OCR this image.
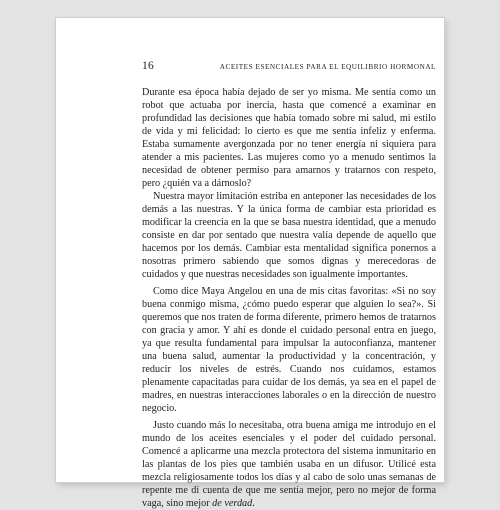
16	ACEITES ESENCIALES PARA EL EQUILIBRIO HORMONAL

Durante esa época había dejado de ser yo misma. Me sentía como un robot que actuaba por inercia, hasta que comencé a examinar en profundidad las decisiones que había tomado sobre mi salud, mi estilo de vida y mi felicidad: lo cierto es que me sentía infeliz y enferma. Estaba sumamente avergonzada por no tener energía ni siquiera para atender a mis pacientes. Las mujeres como yo a menudo sentimos la necesidad de obtener permiso para amarnos y tratarnos con respeto, pero ¿quién va a dárnoslo?

Nuestra mayor limitación estriba en anteponer las necesidades de los demás a las nuestras. Y la única forma de cambiar esta prioridad es modificar la creencia en la que se basa nuestra identidad, que a menudo consiste en dar por sentado que nuestra valía depende de aquello que hacemos por los demás. Cambiar esta mentalidad significa ponernos a nosotras primero sabiendo que somos dignas y merecedoras de cuidados y que nuestras necesidades son igualmente importantes.

Como dice Maya Angelou en una de mis citas favoritas: «Si no soy buena conmigo misma, ¿cómo puedo esperar que alguien lo sea?». Si queremos que nos traten de forma diferente, primero hemos de tratarnos con gracia y amor. Y ahí es donde el cuidado personal entra en juego, ya que resulta fundamental para impulsar la autoconfianza, mantener una buena salud, aumentar la productividad y la concentración, y reducir los niveles de estrés. Cuando nos cuidamos, estamos plenamente capacitadas para cuidar de los demás, ya sea en el papel de madres, en nuestras interacciones laborales o en la dirección de nuestro negocio.

Justo cuando más lo necesitaba, otra buena amiga me introdujo en el mundo de los aceites esenciales y el poder del cuidado personal. Comencé a aplicarme una mezcla protectora del sistema inmunitario en las plantas de los pies que también usaba en un difusor. Utilicé esta mezcla religiosamente todos los días y al cabo de solo unas semanas de repente me di cuenta de que me sentía mejor, pero no mejor de forma vaga, sino mejor de verdad.
